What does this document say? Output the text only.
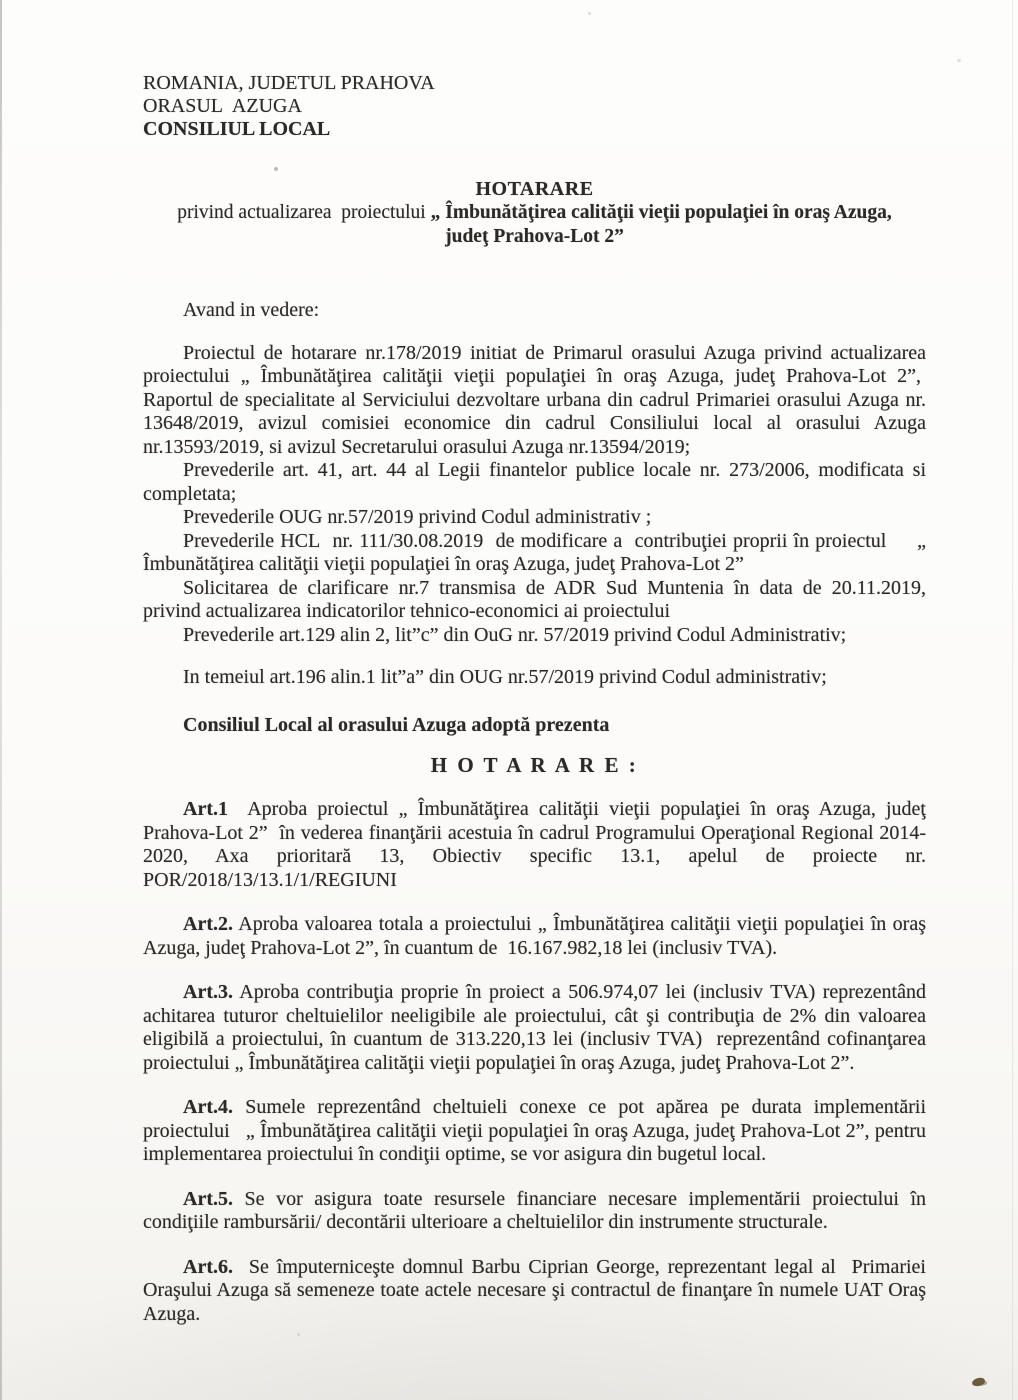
ROMANIA, JUDETUL PRAHOVA
ORASUL  AZUGA
CONSILIUL LOCAL
HOTARARE
privind actualizarea  proiectului „ Îmbunătăţirea calităţii vieţii populaţiei în oraş Azuga,
judeţ Prahova-Lot 2”
Avand in vedere:

Proiectul de hotarare nr.178/2019 initiat de Primarul orasului Azuga privind actualizarea proiectului „ Îmbunătăţirea calităţii vieţii populaţiei în oraş Azuga, judeţ Prahova-Lot 2”,  Raportul de specialitate al Serviciului dezvoltare urbana din cadrul Primariei orasului Azuga nr. 13648/2019, avizul comisiei economice din cadrul Consiliului local al orasului Azuga nr.13593/2019, si avizul Secretarului orasului Azuga nr.13594/2019;

Prevederile art. 41, art. 44 al Legii finantelor publice locale nr. 273/2006, modificata si completata;

Prevederile OUG nr.57/2019 privind Codul administrativ ;

Prevederile HCL  nr. 111/30.08.2019  de modificare a  contribuţiei proprii în proiectul     „ Îmbunătăţirea calităţii vieţii populaţiei în oraş Azuga, judeţ Prahova-Lot 2”

Solicitarea de clarificare nr.7 transmisa de ADR Sud Muntenia în data de 20.11.2019, privind actualizarea indicatorilor tehnico-economici ai proiectului

Prevederile art.129 alin 2, lit”c” din OuG nr. 57/2019 privind Codul Administrativ;

In temeiul art.196 alin.1 lit”a” din OUG nr.57/2019 privind Codul administrativ;

Consiliul Local al orasului Azuga adoptă prezenta
H O T A R A R E :

Art.1  Aproba proiectul „ Îmbunătăţirea calităţii vieţii populaţiei în oraş Azuga, judeţ Prahova-Lot 2”  în vederea finanţării acestuia în cadrul Programului Operaţional Regional 2014-2020, Axa prioritară 13, Obiectiv specific 13.1, apelul de proiecte nr. POR/2018/13/13.1/1/REGIUNI

Art.2. Aproba valoarea totala a proiectului „ Îmbunătăţirea calităţii vieţii populaţiei în oraş Azuga, judeţ Prahova-Lot 2”, în cuantum de  16.167.982,18 lei (inclusiv TVA).

Art.3. Aproba contribuţia proprie în proiect a 506.974,07 lei (inclusiv TVA) reprezentând achitarea tuturor cheltuielilor neeligibile ale proiectului, cât şi contribuţia de 2% din valoarea eligibilă a proiectului, în cuantum de 313.220,13 lei (inclusiv TVA)  reprezentând cofinanţarea proiectului „ Îmbunătăţirea calităţii vieţii populaţiei în oraş Azuga, judeţ Prahova-Lot 2”.

Art.4. Sumele reprezentând cheltuieli conexe ce pot apărea pe durata implementării proiectului   „ Îmbunătăţirea calităţii vieţii populaţiei în oraş Azuga, judeţ Prahova-Lot 2”, pentru implementarea proiectului în condiţii optime, se vor asigura din bugetul local.

Art.5. Se vor asigura toate resursele financiare necesare implementării proiectului în condiţiile rambursării/ decontării ulterioare a cheltuielilor din instrumente structurale.

Art.6.  Se împuterniceşte domnul Barbu Ciprian George, reprezentant legal al  Primariei Oraşului Azuga să semeneze toate actele necesare şi contractul de finanţare în numele UAT Oraş Azuga.
